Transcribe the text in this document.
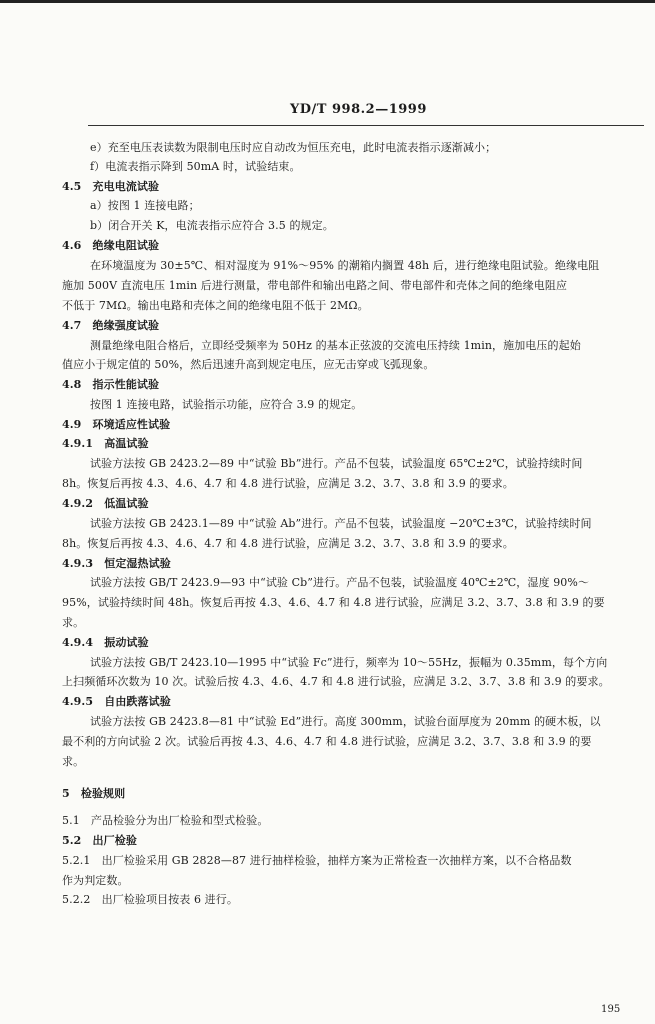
YD/T 998.2—1999
e）充至电压表读数为限制电压时应自动改为恒压充电，此时电流表指示逐渐减小；
f）电流表指示降到 50mA 时，试验结束。
4.5　充电电流试验
a）按图 1 连接电路；
b）闭合开关 K，电流表指示应符合 3.5 的规定。
4.6　绝缘电阻试验
在环境温度为 30±5℃、相对湿度为 91%～95% 的潮箱内搁置 48h 后，进行绝缘电阻试验。绝缘电阻
施加 500V 直流电压 1min 后进行测量，带电部件和输出电路之间、带电部件和壳体之间的绝缘电阻应
不低于 7MΩ。输出电路和壳体之间的绝缘电阻不低于 2MΩ。
4.7　绝缘强度试验
测量绝缘电阻合格后，立即经受频率为 50Hz 的基本正弦波的交流电压持续 1min，施加电压的起始
值应小于规定值的 50%，然后迅速升高到规定电压，应无击穿或飞弧现象。
4.8　指示性能试验
按图 1 连接电路，试验指示功能，应符合 3.9 的规定。
4.9　环境适应性试验
4.9.1　高温试验
试验方法按 GB 2423.2—89 中“试验 Bb”进行。产品不包装，试验温度 65℃±2℃，试验持续时间
8h。恢复后再按 4.3、4.6、4.7 和 4.8 进行试验，应满足 3.2、3.7、3.8 和 3.9 的要求。
4.9.2　低温试验
试验方法按 GB 2423.1—89 中“试验 Ab”进行。产品不包装，试验温度 −20℃±3℃，试验持续时间
8h。恢复后再按 4.3、4.6、4.7 和 4.8 进行试验，应满足 3.2、3.7、3.8 和 3.9 的要求。
4.9.3　恒定湿热试验
试验方法按 GB/T 2423.9—93 中“试验 Cb”进行。产品不包装，试验温度 40℃±2℃，湿度 90%～
95%，试验持续时间 48h。恢复后再按 4.3、4.6、4.7 和 4.8 进行试验，应满足 3.2、3.7、3.8 和 3.9 的要
求。
4.9.4　振动试验
试验方法按 GB/T 2423.10—1995 中“试验 Fc”进行，频率为 10～55Hz，振幅为 0.35mm，每个方向
上扫频循环次数为 10 次。试验后按 4.3、4.6、4.7 和 4.8 进行试验，应满足 3.2、3.7、3.8 和 3.9 的要求。
4.9.5　自由跌落试验
试验方法按 GB 2423.8—81 中“试验 Ed”进行。高度 300mm，试验台面厚度为 20mm 的硬木板，以
最不利的方向试验 2 次。试验后再按 4.3、4.6、4.7 和 4.8 进行试验，应满足 3.2、3.7、3.8 和 3.9 的要
求。
5　检验规则
5.1　产品检验分为出厂检验和型式检验。
5.2　出厂检验
5.2.1　出厂检验采用 GB 2828—87 进行抽样检验，抽样方案为正常检查一次抽样方案，以不合格品数
作为判定数。
5.2.2　出厂检验项目按表 6 进行。
195
